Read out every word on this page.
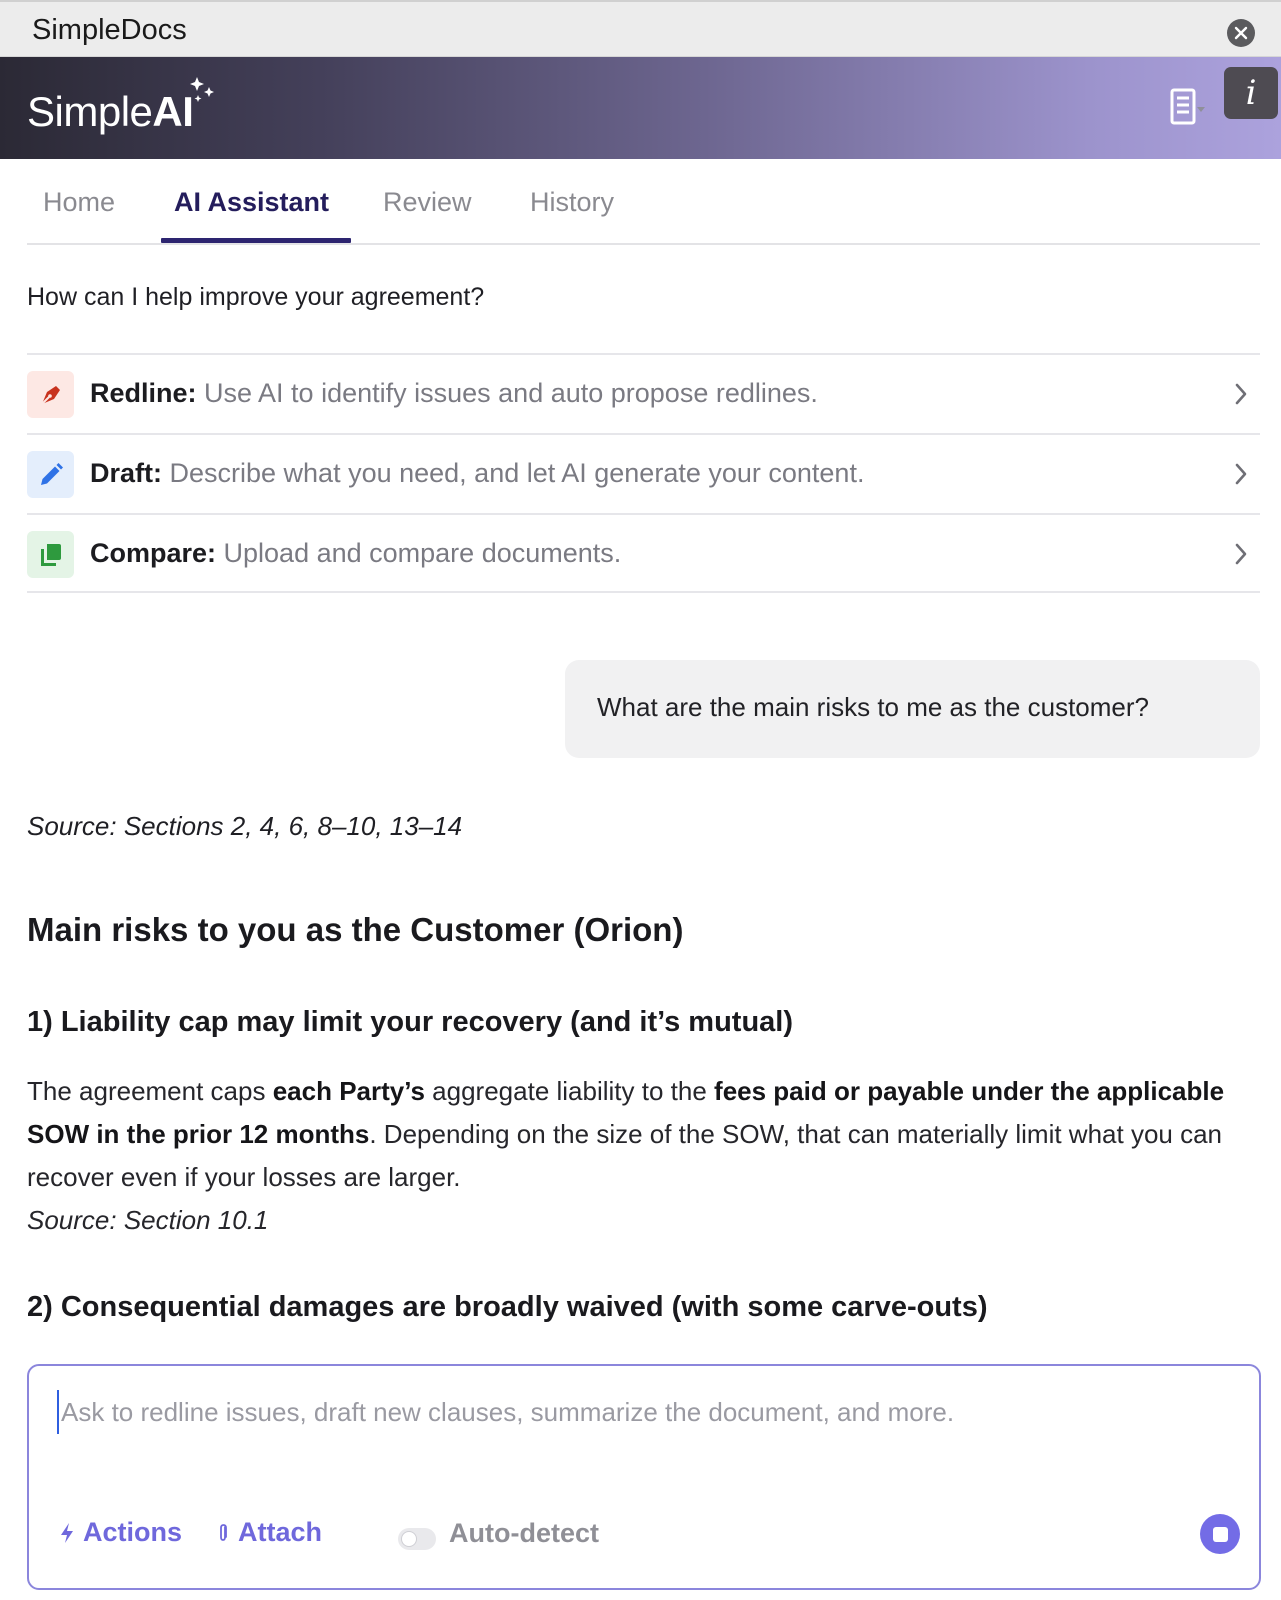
SimpleDocs
SimpleAI	i
Home AI Assistant Review History
How can I help improve your agreement?
Redline: Use AI to identify issues and auto propose redlines.
Draft: Describe what you need, and let AI generate your content.
Compare: Upload and compare documents.
What are the main risks to me as the customer?
Source: Sections 2, 4, 6, 8–10, 13–14
Main risks to you as the Customer (Orion)
1) Liability cap may limit your recovery (and it’s mutual)
The agreement caps each Party’s aggregate liability to the fees paid or payable under the applicable SOW in the prior 12 months. Depending on the size of the SOW, that can materially limit what you can recover even if your losses are larger.
Source: Section 10.1
2) Consequential damages are broadly waived (with some carve-outs)
Ask to redline issues, draft new clauses, summarize the document, and more.
Actions Attach	Auto-detect
